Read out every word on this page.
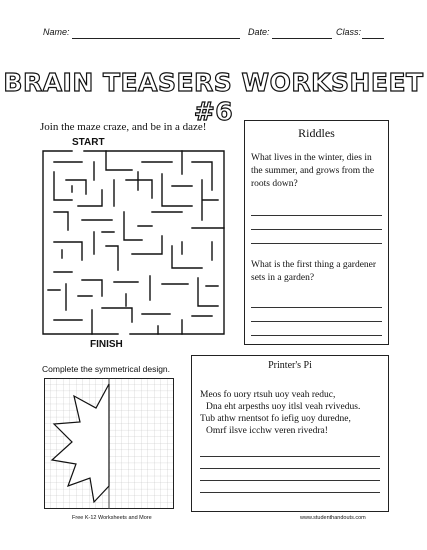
Name:	Date:	Class:
BRAIN TEASERS WORKSHEET #6
Join the maze craze, and be in a daze!
START
FINISH
Riddles
What lives in the winter, dies in the summer, and grows from the roots down?
What is the first thing a gardener sets in a garden?
Complete the symmetrical design.	Printer's Pi
Meos fo uory rtsuh uoy veah reduc,
Dna eht arpesths uoy itlsl veah rvivedus.
Tub athw rnentsot fo iefig uoy duredne,
Omrf ilsve icchw veren rivedra!
Free K-12 Worksheets and More	www.studenthandouts.com
